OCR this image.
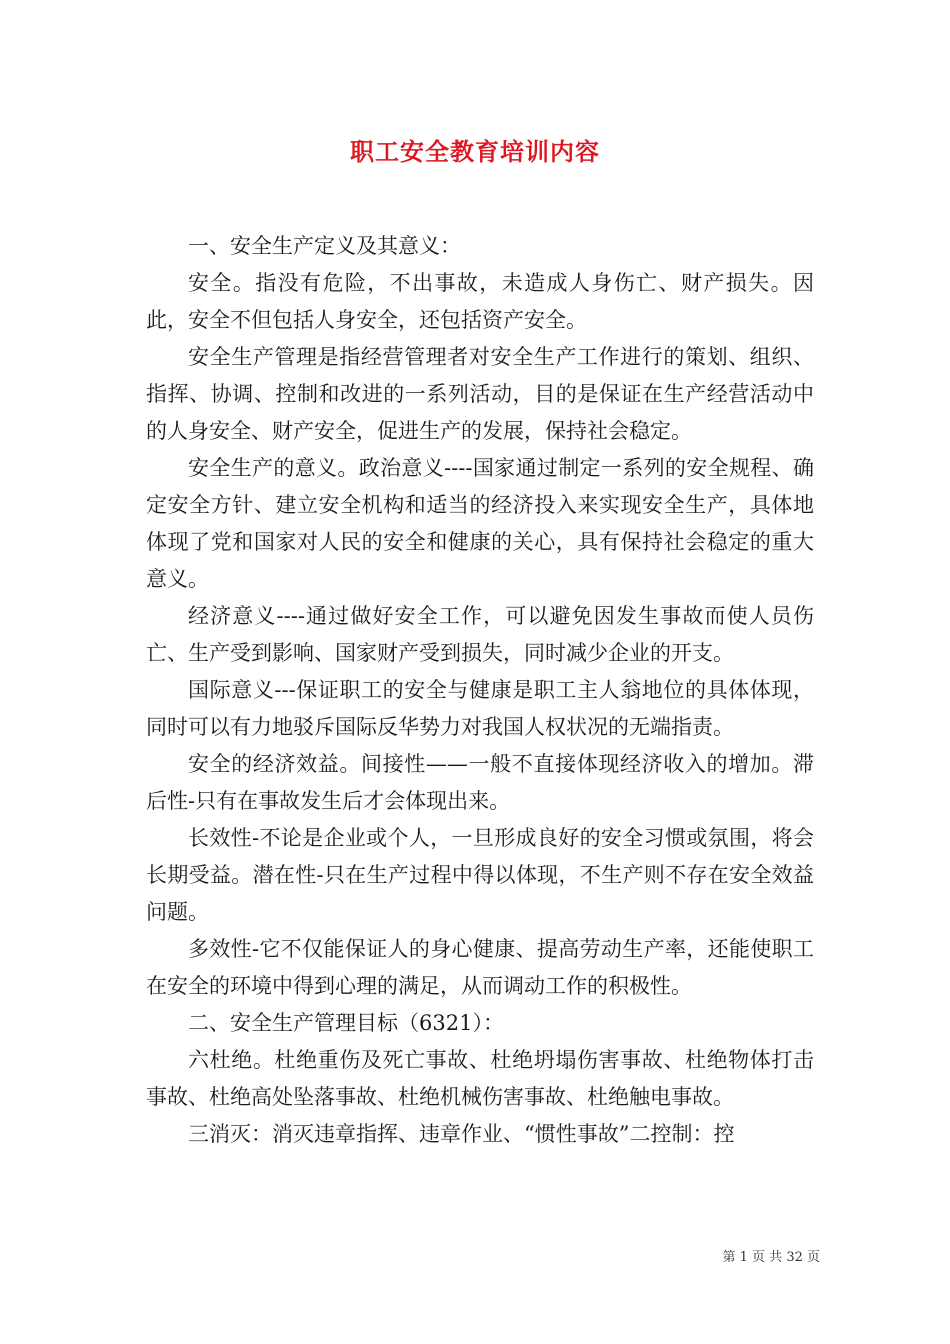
职工安全教育培训内容

一、安全生产定义及其意义：

安全。指没有危险，不出事故，未造成人身伤亡、财产损失。因此，安全不但包括人身安全，还包括资产安全。

安全生产管理是指经营管理者对安全生产工作进行的策划、组织、指挥、协调、控制和改进的一系列活动，目的是保证在生产经营活动中的人身安全、财产安全，促进生产的发展，保持社会稳定。

安全生产的意义。政治意义----国家通过制定一系列的安全规程、确定安全方针、建立安全机构和适当的经济投入来实现安全生产，具体地体现了党和国家对人民的安全和健康的关心，具有保持社会稳定的重大意义。

经济意义----通过做好安全工作，可以避免因发生事故而使人员伤亡、生产受到影响、国家财产受到损失，同时减少企业的开支。

国际意义---保证职工的安全与健康是职工主人翁地位的具体体现，同时可以有力地驳斥国际反华势力对我国人权状况的无端指责。

安全的经济效益。间接性——一般不直接体现经济收入的增加。滞后性-只有在事故发生后才会体现出来。

长效性-不论是企业或个人，一旦形成良好的安全习惯或氛围，将会长期受益。潜在性-只在生产过程中得以体现，不生产则不存在安全效益问题。

多效性-它不仅能保证人的身心健康、提高劳动生产率，还能使职工在安全的环境中得到心理的满足，从而调动工作的积极性。

二、安全生产管理目标（6321）：

六杜绝。杜绝重伤及死亡事故、杜绝坍塌伤害事故、杜绝物体打击事故、杜绝高处坠落事故、杜绝机械伤害事故、杜绝触电事故。

三消灭：消灭违章指挥、违章作业、“惯性事故”二控制：控

第 1 页 共 32 页
